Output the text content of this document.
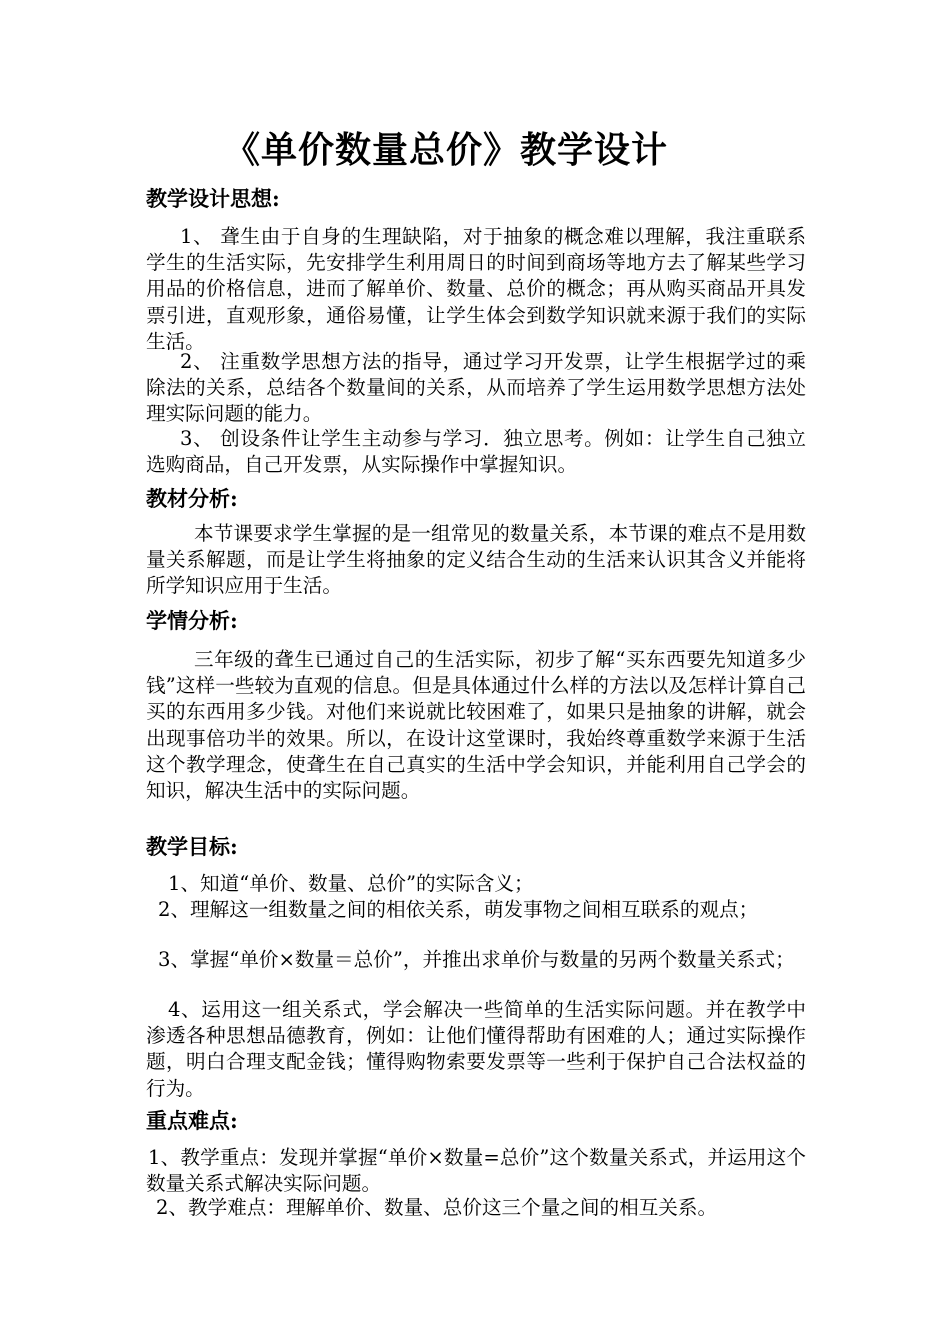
《单价数量总价》教学设计
教学设计思想:
1、 聋生由于自身的生理缺陷，对于抽象的概念难以理解，我注重联系学生的生活实际，先安排学生利用周日的时间到商场等地方去了解某些学习用品的价格信息，进而了解单价、数量、总价的概念；再从购买商品开具发票引进，直观形象，通俗易懂，让学生体会到数学知识就来源于我们的实际生活。
2、 注重数学思想方法的指导，通过学习开发票，让学生根据学过的乘除法的关系，总结各个数量间的关系，从而培养了学生运用数学思想方法处理实际问题的能力。
3、 创设条件让学生主动参与学习．独立思考。例如：让学生自己独立选购商品，自己开发票，从实际操作中掌握知识。
教材分析:
本节课要求学生掌握的是一组常见的数量关系，本节课的难点不是用数量关系解题，而是让学生将抽象的定义结合生动的生活来认识其含义并能将所学知识应用于生活。
学情分析:
三年级的聋生已通过自己的生活实际，初步了解“买东西要先知道多少钱”这样一些较为直观的信息。但是具体通过什么样的方法以及怎样计算自己买的东西用多少钱。对他们来说就比较困难了，如果只是抽象的讲解，就会出现事倍功半的效果。所以，在设计这堂课时，我始终尊重数学来源于生活这个教学理念，使聋生在自己真实的生活中学会知识，并能利用自己学会的知识，解决生活中的实际问题。
教学目标:
1、知道“单价、数量、总价”的实际含义；
2、理解这一组数量之间的相依关系，萌发事物之间相互联系的观点；
3、掌握“单价×数量＝总价”，并推出求单价与数量的另两个数量关系式；
4、运用这一组关系式，学会解决一些简单的生活实际问题。并在教学中渗透各种思想品德教育，例如：让他们懂得帮助有困难的人；通过实际操作题，明白合理支配金钱；懂得购物索要发票等一些利于保护自己合法权益的行为。
重点难点:
1、教学重点：发现并掌握“单价×数量=总价”这个数量关系式，并运用这个数量关系式解决实际问题。
2、教学难点：理解单价、数量、总价这三个量之间的相互关系。
